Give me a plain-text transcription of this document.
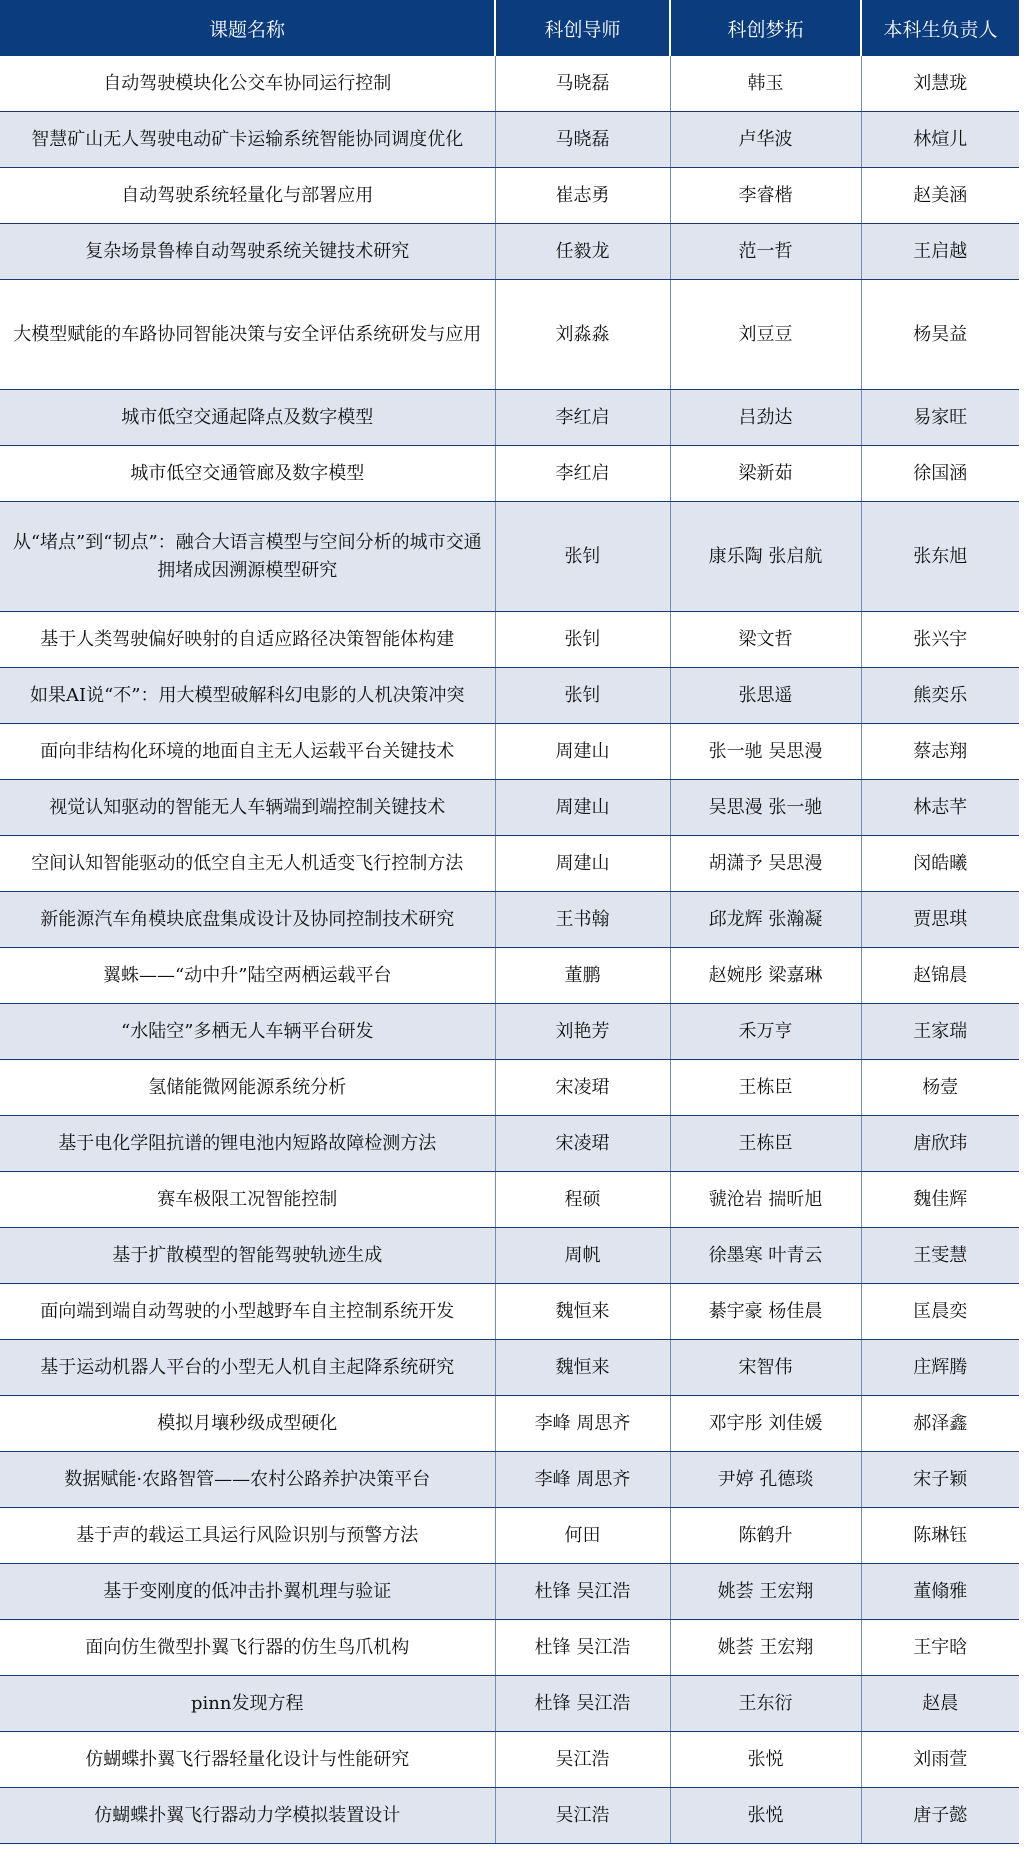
课题名称	科创导师	科创梦拓	本科生负责人
自动驾驶模块化公交车协同运行控制	马晓磊	韩玉	刘慧珑
智慧矿山无人驾驶电动矿卡运输系统智能协同调度优化	马晓磊	卢华波	林煊儿
自动驾驶系统轻量化与部署应用	崔志勇	李睿楷	赵美涵
复杂场景鲁棒自动驾驶系统关键技术研究	任毅龙	范一哲	王启越
大模型赋能的车路协同智能决策与安全评估系统研发与应用	刘淼淼	刘豆豆	杨昊益
城市低空交通起降点及数字模型	李红启	吕劲达	易家旺
城市低空交通管廊及数字模型	李红启	梁新茹	徐国涵
从“堵点”到“韧点”：融合大语言模型与空间分析的城市交通拥堵成因溯源模型研究	张钊	康乐陶 张启航	张东旭
基于人类驾驶偏好映射的自适应路径决策智能体构建	张钊	梁文哲	张兴宇
如果AI说“不”：用大模型破解科幻电影的人机决策冲突	张钊	张思遥	熊奕乐
面向非结构化环境的地面自主无人运载平台关键技术	周建山	张一驰 吴思漫	蔡志翔
视觉认知驱动的智能无人车辆端到端控制关键技术	周建山	吴思漫 张一驰	林志芊
空间认知智能驱动的低空自主无人机适变飞行控制方法	周建山	胡潇予 吴思漫	闵皓曦
新能源汽车角模块底盘集成设计及协同控制技术研究	王书翰	邱龙辉 张瀚凝	贾思琪
翼蛛——“动中升”陆空两栖运载平台	董鹏	赵婉彤 梁嘉琳	赵锦晨
“水陆空”多栖无人车辆平台研发	刘艳芳	禾万亨	王家瑞
氢储能微网能源系统分析	宋凌珺	王栋臣	杨壹
基于电化学阻抗谱的锂电池内短路故障检测方法	宋凌珺	王栋臣	唐欣玮
赛车极限工况智能控制	程硕	虢沧岩 揣昕旭	魏佳辉
基于扩散模型的智能驾驶轨迹生成	周帆	徐墨寒 叶青云	王雯慧
面向端到端自动驾驶的小型越野车自主控制系统开发	魏恒来	綦宇豪 杨佳晨	匡晨奕
基于运动机器人平台的小型无人机自主起降系统研究	魏恒来	宋智伟	庄辉腾
模拟月壤秒级成型硬化	李峰 周思齐	邓宇彤 刘佳媛	郝泽鑫
数据赋能·农路智管——农村公路养护决策平台	李峰 周思齐	尹婷 孔德琰	宋子颖
基于声的载运工具运行风险识别与预警方法	何田	陈鹤升	陈琳钰
基于变刚度的低冲击扑翼机理与验证	杜锋 吴江浩	姚荟 王宏翔	董翛雅
面向仿生微型扑翼飞行器的仿生鸟爪机构	杜锋 吴江浩	姚荟 王宏翔	王宇晗
pinn发现方程	杜锋 吴江浩	王东衍	赵晨
仿蝴蝶扑翼飞行器轻量化设计与性能研究	吴江浩	张悦	刘雨萱
仿蝴蝶扑翼飞行器动力学模拟装置设计	吴江浩	张悦	唐子懿
